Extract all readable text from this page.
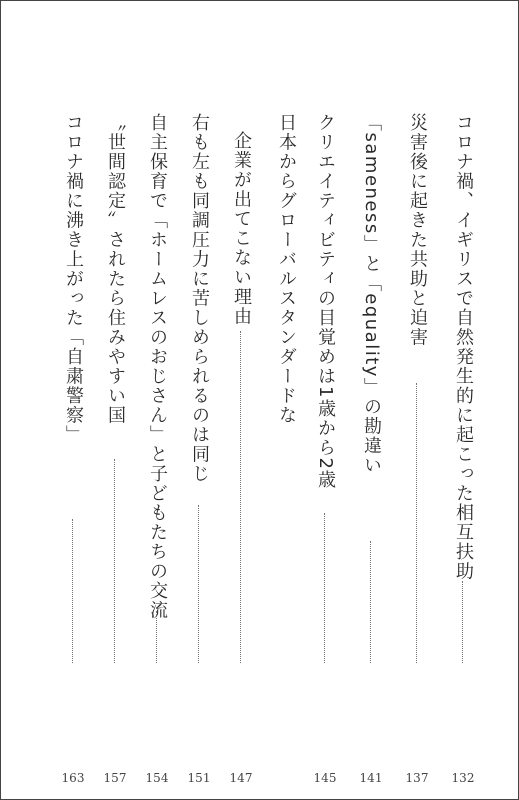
コロナ禍、イギリスで自然発生的に起こった相互扶助
132
災害後に起きた共助と迫害
137
「sameness」と「equality」の勘違い
141
クリエイティビティの目覚めは1歳から2歳
145
日本からグローバルスタンダードな
企業が出てこない理由
147
右も左も同調圧力に苦しめられるのは同じ
151
自主保育で「ホームレスのおじさん」と子どもたちの交流
154
〝世間認定〟されたら住みやすい国
157
コロナ禍に沸き上がった「自粛警察」
163
